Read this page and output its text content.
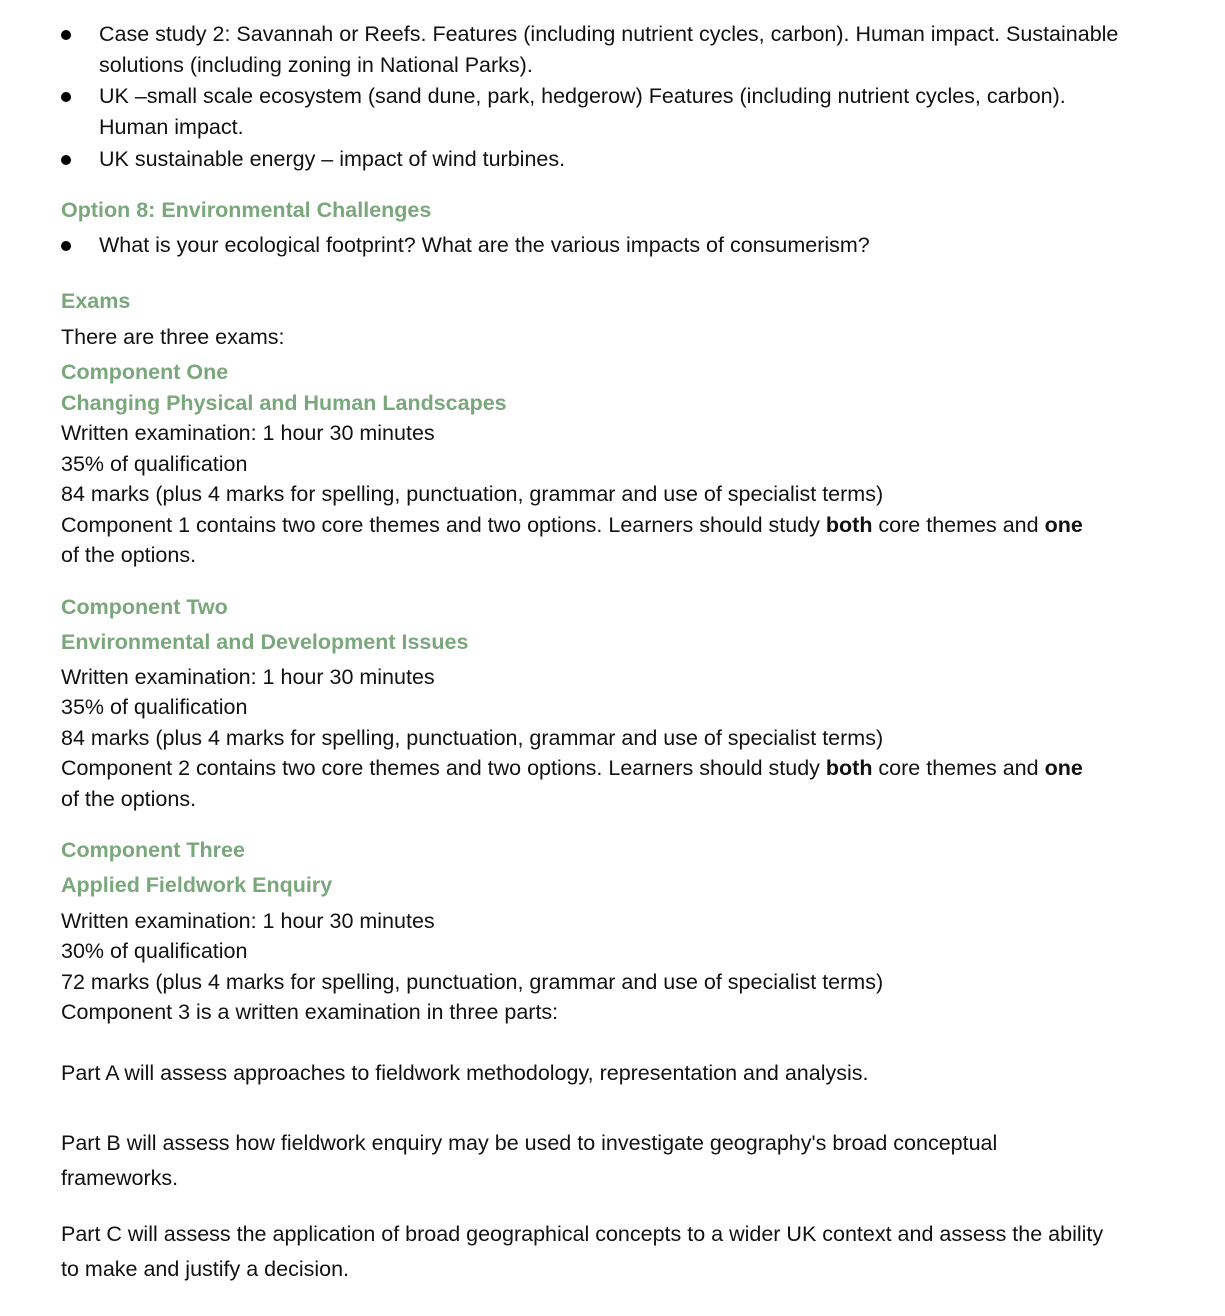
Case study 2: Savannah or Reefs. Features (including nutrient cycles, carbon). Human impact. Sustainable
solutions (including zoning in National Parks).
UK –small scale ecosystem (sand dune, park, hedgerow) Features (including nutrient cycles, carbon).
Human impact.
UK sustainable energy – impact of wind turbines.
Option 8: Environmental Challenges
What is your ecological footprint? What are the various impacts of consumerism?
Exams
There are three exams:
Component One
Changing Physical and Human Landscapes
Written examination: 1 hour 30 minutes
35% of qualification
84 marks (plus 4 marks for spelling, punctuation, grammar and use of specialist terms)
Component 1 contains two core themes and two options. Learners should study both core themes and one
of the options.
Component Two
Environmental and Development Issues
Written examination: 1 hour 30 minutes
35% of qualification
84 marks (plus 4 marks for spelling, punctuation, grammar and use of specialist terms)
Component 2 contains two core themes and two options. Learners should study both core themes and one
of the options.
Component Three
Applied Fieldwork Enquiry
Written examination: 1 hour 30 minutes
30% of qualification
72 marks (plus 4 marks for spelling, punctuation, grammar and use of specialist terms)
Component 3 is a written examination in three parts:
Part A will assess approaches to fieldwork methodology, representation and analysis.
Part B will assess how fieldwork enquiry may be used to investigate geography's broad conceptual
frameworks.
Part C will assess the application of broad geographical concepts to a wider UK context and assess the ability
to make and justify a decision.
